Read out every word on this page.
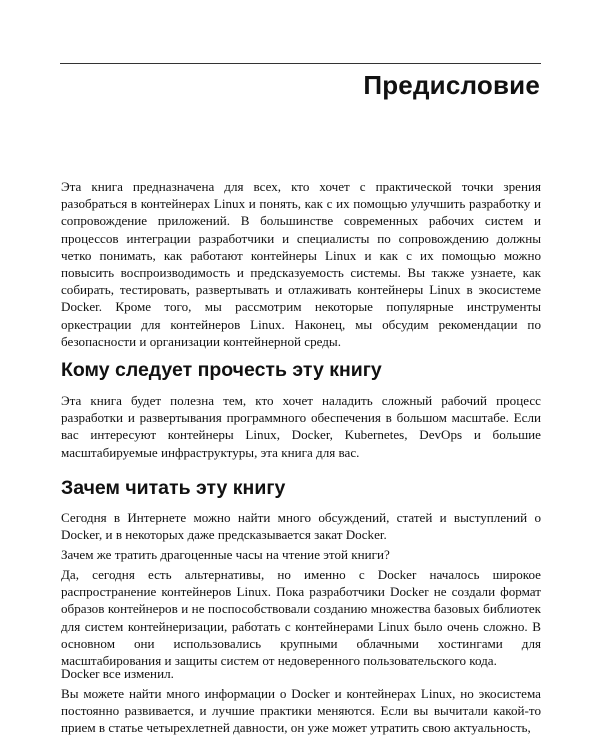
Предисловие

Эта книга предназначена для всех, кто хочет с практической точки зрения разобраться в контейнерах Linux и понять, как с их помощью улучшить разработку и сопровождение приложений. В большинстве современных рабочих систем и процессов интеграции разработчики и специалисты по сопровождению должны четко понимать, как работают контейнеры Linux и как с их помощью можно повысить воспроизводимость и предсказуемость системы. Вы также узнаете, как собирать, тестировать, развертывать и отлаживать контейнеры Linux в экосистеме Docker. Кроме того, мы рассмотрим некоторые популярные инструменты оркестрации для контейнеров Linux. Наконец, мы обсудим рекомендации по безопасности и организации контейнерной среды.

Кому следует прочесть эту книгу

Эта книга будет полезна тем, кто хочет наладить сложный рабочий процесс разработки и развертывания программного обеспечения в большом масштабе. Если вас интересуют контейнеры Linux, Docker, Kubernetes, DevOps и большие масштабируемые инфраструктуры, эта книга для вас.

Зачем читать эту книгу

Сегодня в Интернете можно найти много обсуждений, статей и выступлений о Docker, и в некоторых даже предсказывается закат Docker.

Зачем же тратить драгоценные часы на чтение этой книги?

Да, сегодня есть альтернативы, но именно с Docker началось широкое распространение контейнеров Linux. Пока разработчики Docker не создали формат образов контейнеров и не поспособствовали созданию множества базовых библиотек для систем контейнеризации, работать с контейнерами Linux было очень сложно. В основном они использовались крупными облачными хостингами для масштабирования и защиты систем от недоверенного пользовательского кода.

Docker все изменил.

Вы можете найти много информации о Docker и контейнерах Linux, но экосистема постоянно развивается, и лучшие практики меняются. Если вы вычитали какой-то прием в статье четырехлетней давности, он уже может утратить свою актуальность,
